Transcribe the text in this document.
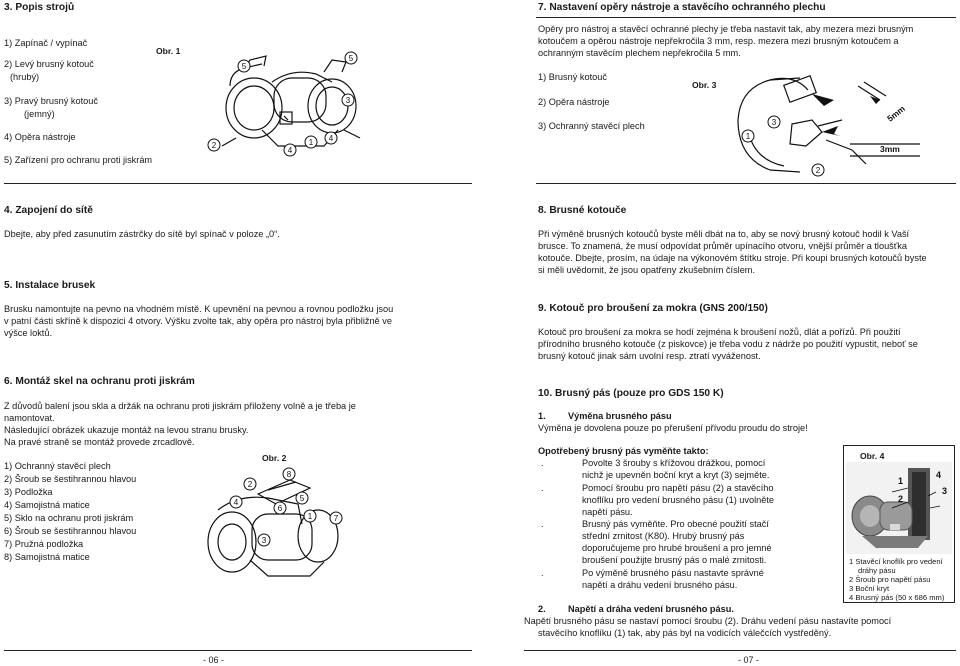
3. Popis strojů
1) Zapínač / vypínač
2) Levý brusný kotouč
(hrubý)
3) Pravý brusný kotouč
(jemný)
4) Opěra nástroje
5) Zařízení pro ochranu proti jiskrám
Obr. 1
5
5
3
2
4
1 4
4. Zapojení do sítě
Dbejte, aby před zasunutím zástrčky do sítě byl spínač v poloze „0“.
5. Instalace brusek
Brusku namontujte na pevno na vhodném místě. K upevnění na pevnou a rovnou podložku jsou
v patní části skříně k dispozici 4 otvory. Výšku zvolte tak, aby opěra pro nástroj byla přibližně ve
výšce loktů.
6. Montáž skel na ochranu proti jiskrám
Z důvodů balení jsou skla a držák na ochranu proti jiskrám přiloženy volně a je třeba je
namontovat.
Následující obrázek ukazuje montáž na levou stranu brusky.
Na pravé straně se montáž provede zrcadlově.
1) Ochranný stavěcí plech
2) Šroub se šestihrannou hlavou
3) Podložka
4) Samojistná matice
5) Sklo na ochranu proti jiskrám
6) Šroub se šestihrannou hlavou
7) Pružná podložka
8) Samojistná matice
Obr. 2
2
8
4
6
5
1	7
3
- 06 -
7. Nastavení opěry nástroje a stavěcího ochranného plechu
Opěry pro nástroj a stavěcí ochranné plechy je třeba nastavit tak, aby mezera mezi brusným
kotoučem a opěrou nástroje nepřekročila 3 mm, resp. mezera mezi brusným kotoučem a
ochranným stavěcím plechem nepřekročila 5 mm.
1) Brusný kotouč
2) Opěra nástroje
3) Ochranný stavěcí plech
Obr. 3
3
1
2
5mm
3mm
8. Brusné kotouče
Při výměně brusných kotoučů byste měli dbát na to, aby se nový brusný kotouč hodil k Vaší
brusce. To znamená, že musí odpovídat průměr upínacího otvoru, vnější průměr a tloušťka
kotouče. Dbejte, prosím, na údaje na výkonovém štítku stroje. Při koupi brusných kotoučů byste
si měli uvědomit, že jsou opatřeny zkušebním číslem.
9. Kotouč pro broušení za mokra (GNS 200/150)
Kotouč pro broušení za mokra se hodí zejména k broušení nožů, dlát a pořízů. Při použití
přírodního brusného kotouče (z piskovce) je třeba vodu z nádrže po použití vypustit, neboť se
brusný kotouč jinak sám uvolní resp. ztratí vyváženost.
10. Brusný pás (pouze pro GDS 150 K)
1. Výměna brusného pásu
Výměna je dovolena pouze po přerušení přívodu proudu do stroje!
Opotřebený brusný pás vyměňte takto:
.	Povolte 3 šrouby s křížovou drážkou, pomocí
nichž je upevněn boční kryt a kryt (3) sejměte.
.	Pomocí šroubu pro napětí pásu (2) a stavěcího
knoflíku pro vedení brusného pásu (1) uvolněte
napětí pásu.
.	Brusný pás vyměňte. Pro obecné použití stačí
střední zrnitost (K80). Hrubý brusný pás
doporučujeme pro hrubé broušení a pro jemné
broušení použijte brusný pás o malé zrnitosti.
.	Po výměně brusného pásu nastavte správné
napětí a dráhu vedení brusného pásu.
2. Napětí a dráha vedení brusného pásu.
Napětí brusného pásu se nastaví pomocí šroubu (2). Dráhu vedení pásu nastavíte pomocí
stavěcího knoflíku (1) tak, aby pás byl na vodicích válečcích vystředěný.
Obr. 4
1
4
2
3
1 Stavěcí knoflík pro vedení
dráhy pásu
2 Šroub pro napětí pásu
3 Boční kryt
4 Brusný pás (50 x 686 mm)
- 07 -
